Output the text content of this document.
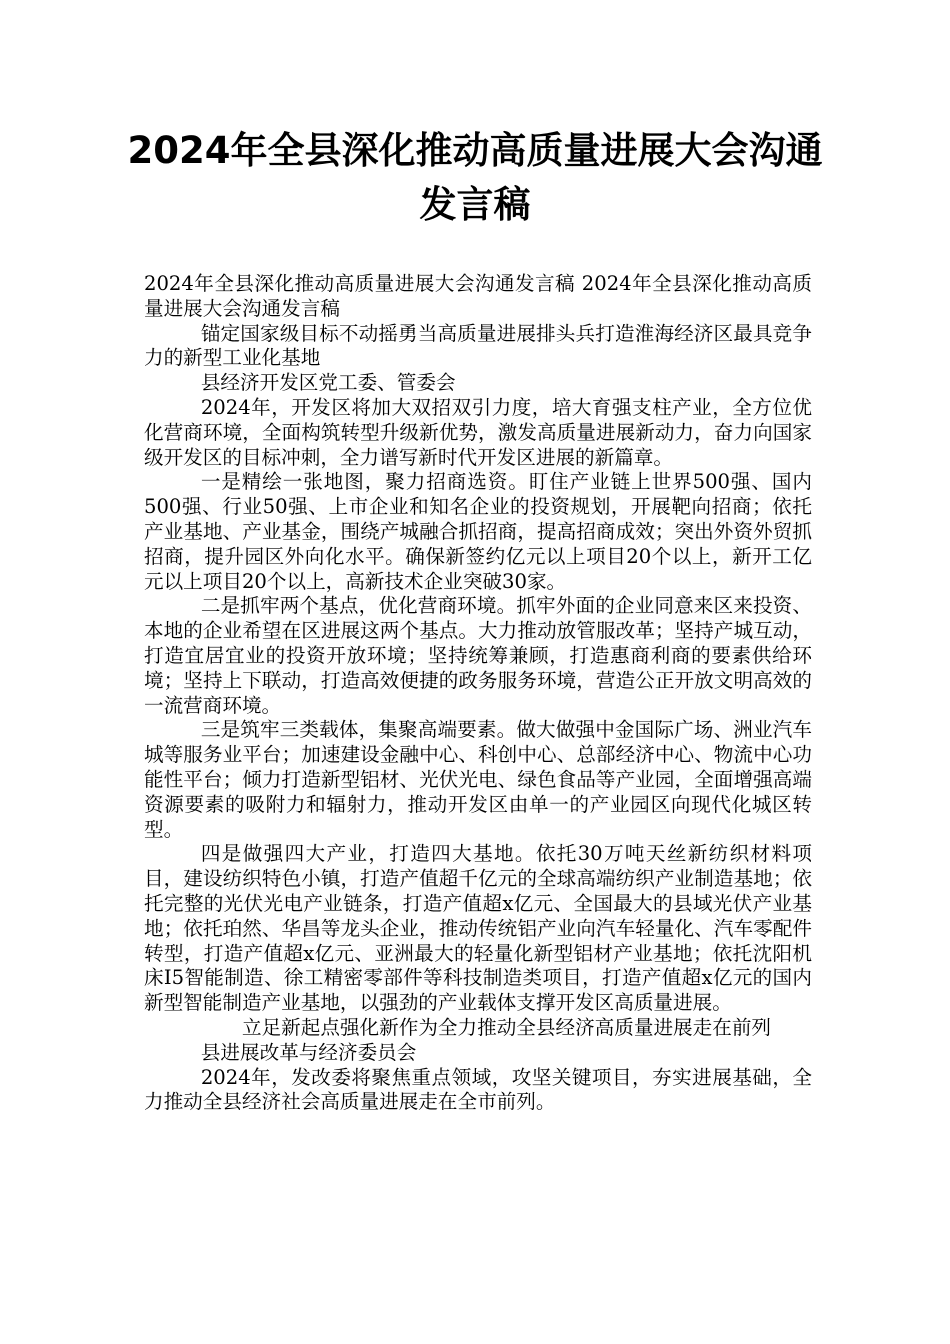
2024年全县深化推动高质量进展大会沟通发言稿

2024年全县深化推动高质量进展大会沟通发言稿 2024年全县深化推动高质量进展大会沟通发言稿

锚定国家级目标不动摇勇当高质量进展排头兵打造淮海经济区最具竞争力的新型工业化基地

县经济开发区党工委、管委会

2024年，开发区将加大双招双引力度，培大育强支柱产业，全方位优化营商环境，全面构筑转型升级新优势，激发高质量进展新动力，奋力向国家级开发区的目标冲刺，全力谱写新时代开发区进展的新篇章。

一是精绘一张地图，聚力招商选资。盯住产业链上世界500强、国内500强、行业50强、上市企业和知名企业的投资规划，开展靶向招商；依托产业基地、产业基金，围绕产城融合抓招商，提高招商成效；突出外资外贸抓招商，提升园区外向化水平。确保新签约亿元以上项目20个以上，新开工亿元以上项目20个以上，高新技术企业突破30家。

二是抓牢两个基点，优化营商环境。抓牢外面的企业同意来区来投资、本地的企业希望在区进展这两个基点。大力推动放管服改革；坚持产城互动，打造宜居宜业的投资开放环境；坚持统筹兼顾，打造惠商利商的要素供给环境；坚持上下联动，打造高效便捷的政务服务环境，营造公正开放文明高效的一流营商环境。

三是筑牢三类载体，集聚高端要素。做大做强中金国际广场、洲业汽车城等服务业平台；加速建设金融中心、科创中心、总部经济中心、物流中心功能性平台；倾力打造新型铝材、光伏光电、绿色食品等产业园，全面增强高端资源要素的吸附力和辐射力，推动开发区由单一的产业园区向现代化城区转型。

四是做强四大产业，打造四大基地。依托30万吨天丝新纺织材料项目，建设纺织特色小镇，打造产值超千亿元的全球高端纺织产业制造基地；依托完整的光伏光电产业链条，打造产值超x亿元、全国最大的县域光伏产业基地；依托珀然、华昌等龙头企业，推动传统铝产业向汽车轻量化、汽车零配件转型，打造产值超x亿元、亚洲最大的轻量化新型铝材产业基地；依托沈阳机床I5智能制造、徐工精密零部件等科技制造类项目，打造产值超x亿元的国内新型智能制造产业基地，以强劲的产业载体支撑开发区高质量进展。

立足新起点强化新作为全力推动全县经济高质量进展走在前列

县进展改革与经济委员会

2024年，发改委将聚焦重点领域，攻坚关键项目，夯实进展基础，全力推动全县经济社会高质量进展走在全市前列。
